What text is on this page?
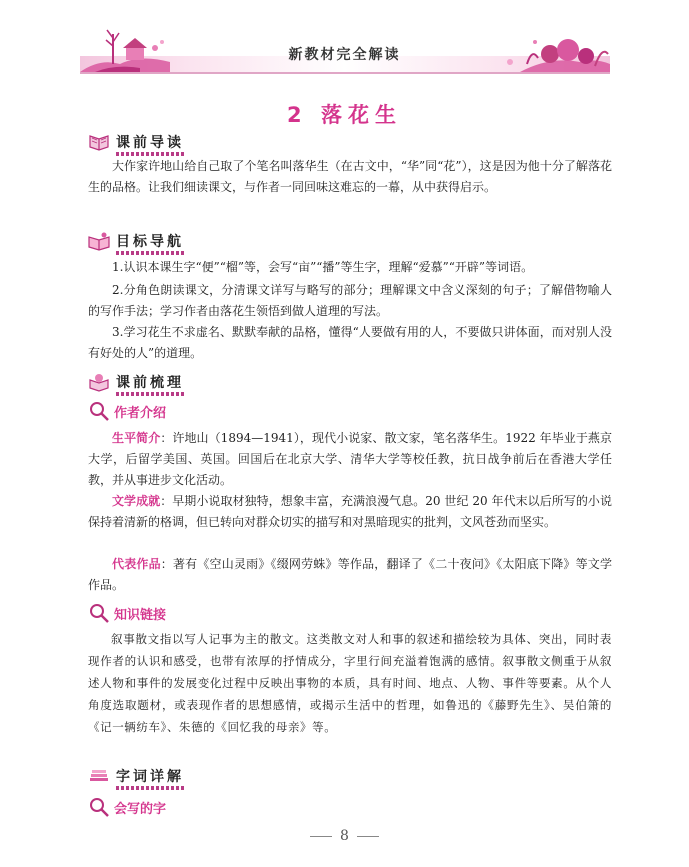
新教材完全解读
2 落花生
课前导读

大作家许地山给自己取了个笔名叫落华生（在古文中，“华”同“花”），这是因为他十分了解落花生的品格。让我们细读课文，与作者一同回味这难忘的一幕，从中获得启示。

目标导航

1.认识本课生字“便”“榴”等，会写“亩”“播”等生字，理解“爱慕”“开辟”等词语。

2.分角色朗读课文，分清课文详写与略写的部分；理解课文中含义深刻的句子；了解借物喻人的写作手法；学习作者由落花生领悟到做人道理的写法。

3.学习花生不求虚名、默默奉献的品格，懂得“人要做有用的人，不要做只讲体面，而对别人没有好处的人”的道理。

课前梳理
作者介绍

生平简介：许地山（1894—1941），现代小说家、散文家，笔名落华生。1922 年毕业于燕京大学，后留学美国、英国。回国后在北京大学、清华大学等校任教，抗日战争前后在香港大学任教，并从事进步文化活动。

文学成就：早期小说取材独特，想象丰富，充满浪漫气息。20 世纪 20 年代末以后所写的小说保持着清新的格调，但已转向对群众切实的描写和对黑暗现实的批判，文风苍劲而坚实。

代表作品：著有《空山灵雨》《缀网劳蛛》等作品，翻译了《二十夜问》《太阳底下降》等文学作品。

知识链接

叙事散文指以写人记事为主的散文。这类散文对人和事的叙述和描绘较为具体、突出，同时表现作者的认识和感受，也带有浓厚的抒情成分，字里行间充溢着饱满的感情。叙事散文侧重于从叙述人物和事件的发展变化过程中反映出事物的本质，具有时间、地点、人物、事件等要素。从个人角度选取题材，或表现作者的思想感情，或揭示生活中的哲理，如鲁迅的《藤野先生》、吴伯箫的《记一辆纺车》、朱德的《回忆我的母亲》等。

字词详解
会写的字
8
